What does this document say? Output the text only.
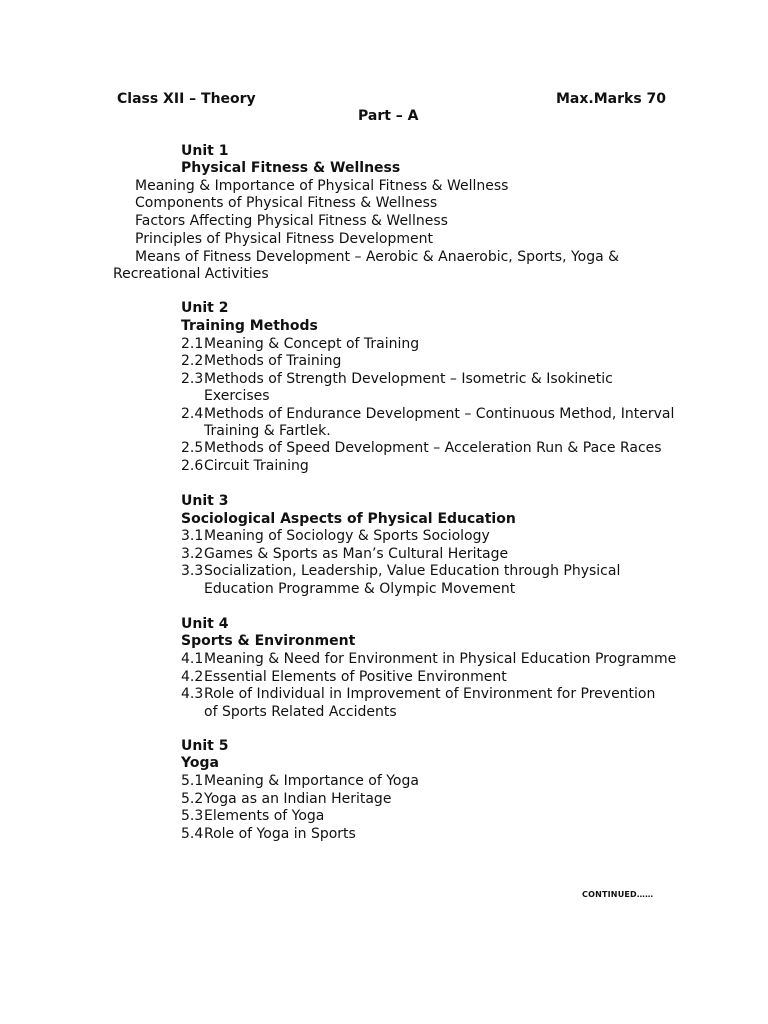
Class XII – Theory	Max.Marks 70
Part – A
Unit 1
Physical Fitness & Wellness
Meaning & Importance of Physical Fitness & Wellness
Components of Physical Fitness & Wellness
Factors Affecting Physical Fitness & Wellness
Principles of Physical Fitness Development
Means of Fitness Development – Aerobic & Anaerobic, Sports, Yoga &
Recreational Activities
Unit 2
Training Methods
2.1Meaning & Concept of Training
2.2Methods of Training
2.3Methods of Strength Development – Isometric & Isokinetic
Exercises
2.4Methods of Endurance Development – Continuous Method, Interval
Training & Fartlek.
2.5Methods of Speed Development – Acceleration Run & Pace Races
2.6Circuit Training
Unit 3
Sociological Aspects of Physical Education
3.1Meaning of Sociology & Sports Sociology
3.2Games & Sports as Man’s Cultural Heritage
3.3Socialization, Leadership, Value Education through Physical
Education Programme & Olympic Movement
Unit 4
Sports & Environment
4.1Meaning & Need for Environment in Physical Education Programme
4.2Essential Elements of Positive Environment
4.3Role of Individual in Improvement of Environment for Prevention
of Sports Related Accidents
Unit 5
Yoga
5.1Meaning & Importance of Yoga
5.2Yoga as an Indian Heritage
5.3Elements of Yoga
5.4Role of Yoga in Sports
CONTINUED……
